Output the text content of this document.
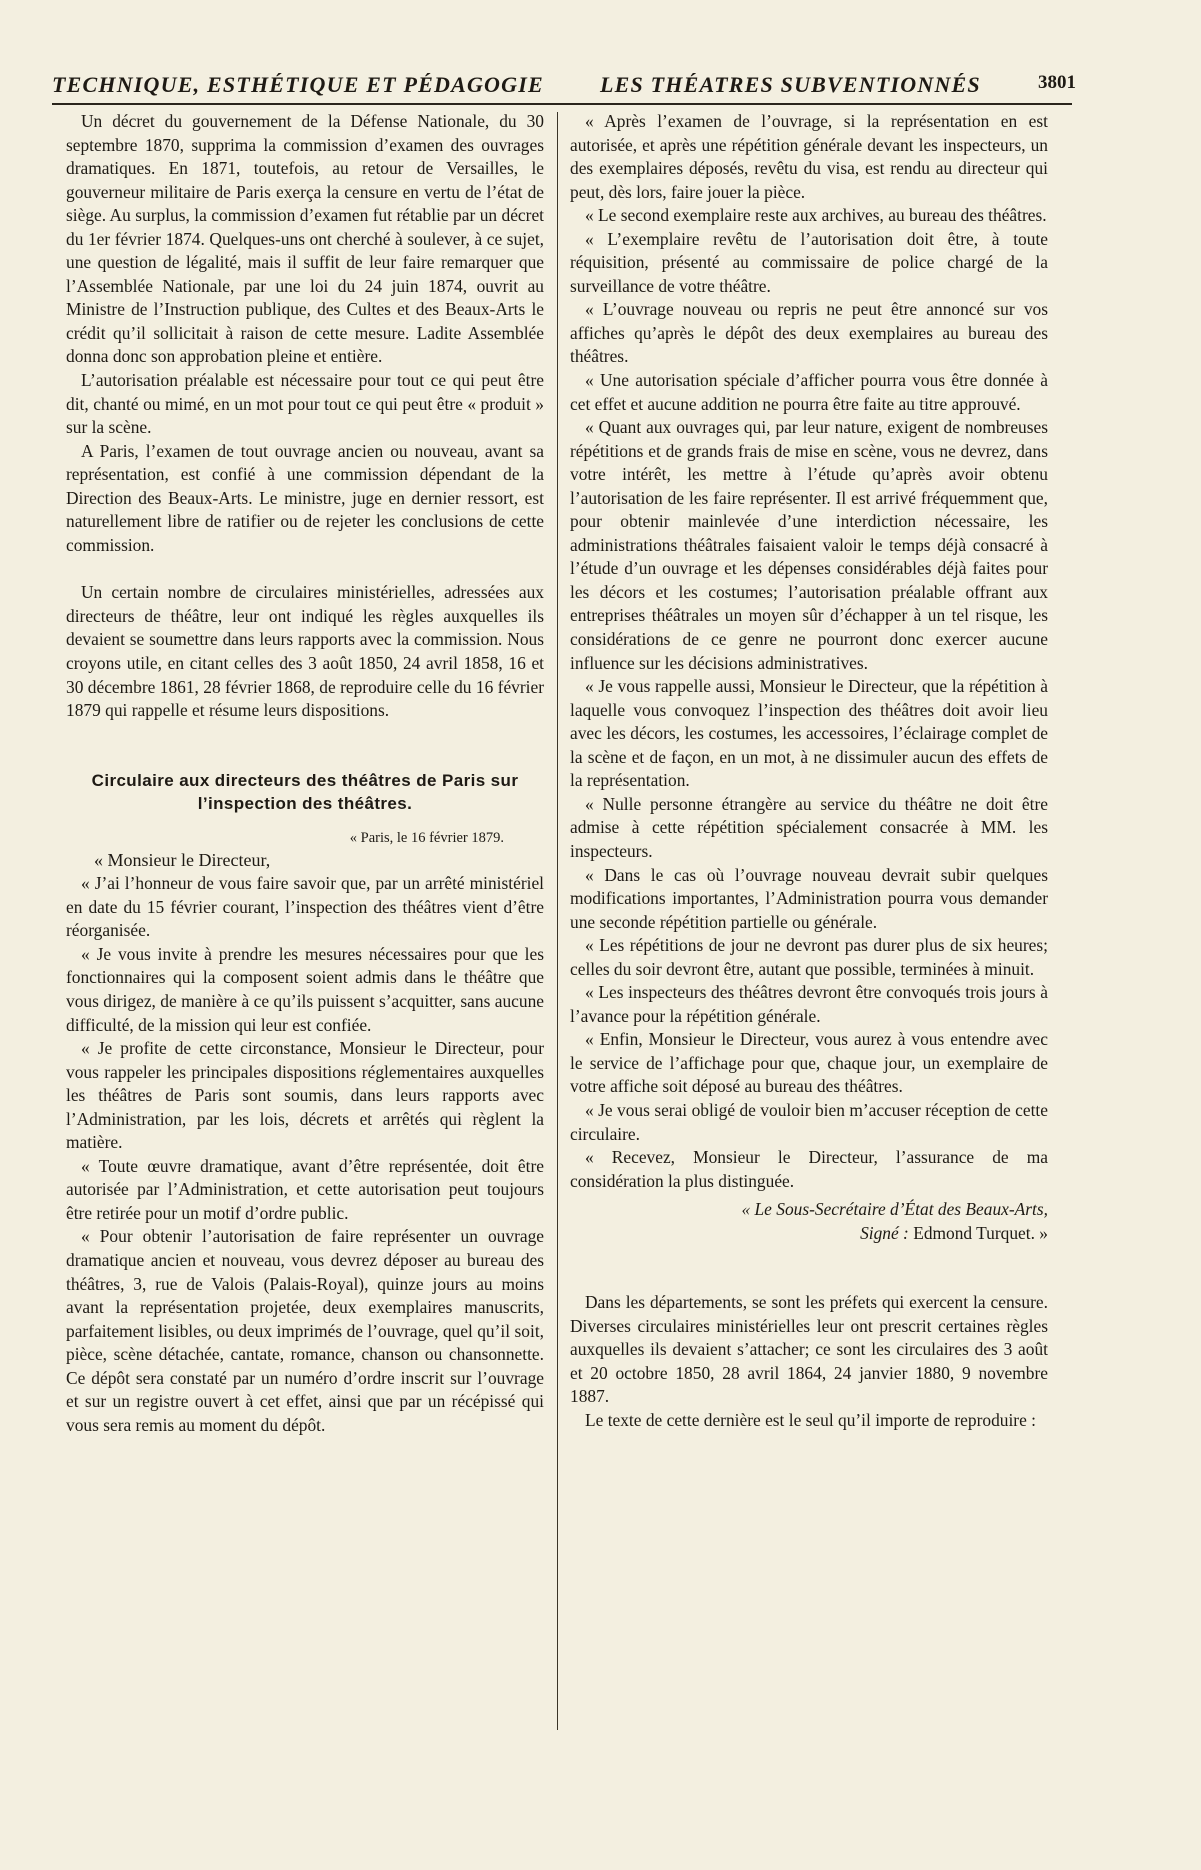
TECHNIQUE, ESTHÉTIQUE ET PÉDAGOGIE	LES THÉATRES SUBVENTIONNÉS	3801

Un décret du gouvernement de la Défense Nationale, du 30 septembre 1870, supprima la commission d’examen des ouvrages dramatiques. En 1871, toutefois, au retour de Versailles, le gouverneur militaire de Paris exerça la censure en vertu de l’état de siège. Au surplus, la commission d’examen fut rétablie par un décret du 1er février 1874. Quelques-uns ont cherché à soulever, à ce sujet, une question de légalité, mais il suffit de leur faire remarquer que l’Assemblée Nationale, par une loi du 24 juin 1874, ouvrit au Ministre de l’Instruction publique, des Cultes et des Beaux-Arts le crédit qu’il sollicitait à raison de cette mesure. Ladite Assemblée donna donc son approbation pleine et entière.

L’autorisation préalable est nécessaire pour tout ce qui peut être dit, chanté ou mimé, en un mot pour tout ce qui peut être « produit » sur la scène.

A Paris, l’examen de tout ouvrage ancien ou nouveau, avant sa représentation, est confié à une commission dépendant de la Direction des Beaux-Arts. Le ministre, juge en dernier ressort, est naturellement libre de ratifier ou de rejeter les conclusions de cette commission.

Un certain nombre de circulaires ministérielles, adressées aux directeurs de théâtre, leur ont indiqué les règles auxquelles ils devaient se soumettre dans leurs rapports avec la commission. Nous croyons utile, en citant celles des 3 août 1850, 24 avril 1858, 16 et 30 décembre 1861, 28 février 1868, de reproduire celle du 16 février 1879 qui rappelle et résume leurs dispositions.

Circulaire aux directeurs des théâtres de Paris sur l’inspection des théâtres.
« Paris, le 16 février 1879.

« Monsieur le Directeur,

« J’ai l’honneur de vous faire savoir que, par un arrêté ministériel en date du 15 février courant, l’inspection des théâtres vient d’être réorganisée.

« Je vous invite à prendre les mesures nécessaires pour que les fonctionnaires qui la composent soient admis dans le théâtre que vous dirigez, de manière à ce qu’ils puissent s’acquitter, sans aucune difficulté, de la mission qui leur est confiée.

« Je profite de cette circonstance, Monsieur le Directeur, pour vous rappeler les principales dispositions réglementaires auxquelles les théâtres de Paris sont soumis, dans leurs rapports avec l’Administration, par les lois, décrets et arrêtés qui règlent la matière.

« Toute œuvre dramatique, avant d’être représentée, doit être autorisée par l’Administration, et cette autorisation peut toujours être retirée pour un motif d’ordre public.

« Pour obtenir l’autorisation de faire représenter un ouvrage dramatique ancien et nouveau, vous devrez déposer au bureau des théâtres, 3, rue de Valois (Palais-Royal), quinze jours au moins avant la représentation projetée, deux exemplaires manuscrits, parfaitement lisibles, ou deux imprimés de l’ouvrage, quel qu’il soit, pièce, scène détachée, cantate, romance, chanson ou chansonnette. Ce dépôt sera constaté par un numéro d’ordre inscrit sur l’ouvrage et sur un registre ouvert à cet effet, ainsi que par un récépissé qui vous sera remis au moment du dépôt.

« Après l’examen de l’ouvrage, si la représentation en est autorisée, et après une répétition générale devant les inspecteurs, un des exemplaires déposés, revêtu du visa, est rendu au directeur qui peut, dès lors, faire jouer la pièce.

« Le second exemplaire reste aux archives, au bureau des théâtres.

« L’exemplaire revêtu de l’autorisation doit être, à toute réquisition, présenté au commissaire de police chargé de la surveillance de votre théâtre.

« L’ouvrage nouveau ou repris ne peut être annoncé sur vos affiches qu’après le dépôt des deux exemplaires au bureau des théâtres.

« Une autorisation spéciale d’afficher pourra vous être donnée à cet effet et aucune addition ne pourra être faite au titre approuvé.

« Quant aux ouvrages qui, par leur nature, exigent de nombreuses répétitions et de grands frais de mise en scène, vous ne devrez, dans votre intérêt, les mettre à l’étude qu’après avoir obtenu l’autorisation de les faire représenter. Il est arrivé fréquemment que, pour obtenir mainlevée d’une interdiction nécessaire, les administrations théâtrales faisaient valoir le temps déjà consacré à l’étude d’un ouvrage et les dépenses considérables déjà faites pour les décors et les costumes; l’autorisation préalable offrant aux entreprises théâtrales un moyen sûr d’échapper à un tel risque, les considérations de ce genre ne pourront donc exercer aucune influence sur les décisions administratives.

« Je vous rappelle aussi, Monsieur le Directeur, que la répétition à laquelle vous convoquez l’inspection des théâtres doit avoir lieu avec les décors, les costumes, les accessoires, l’éclairage complet de la scène et de façon, en un mot, à ne dissimuler aucun des effets de la représentation.

« Nulle personne étrangère au service du théâtre ne doit être admise à cette répétition spécialement consacrée à MM. les inspecteurs.

« Dans le cas où l’ouvrage nouveau devrait subir quelques modifications importantes, l’Administration pourra vous demander une seconde répétition partielle ou générale.

« Les répétitions de jour ne devront pas durer plus de six heures; celles du soir devront être, autant que possible, terminées à minuit.

« Les inspecteurs des théâtres devront être convoqués trois jours à l’avance pour la répétition générale.

« Enfin, Monsieur le Directeur, vous aurez à vous entendre avec le service de l’affichage pour que, chaque jour, un exemplaire de votre affiche soit déposé au bureau des théâtres.

« Je vous serai obligé de vouloir bien m’accuser réception de cette circulaire.

« Recevez, Monsieur le Directeur, l’assurance de ma considération la plus distinguée.

« Le Sous-Secrétaire d’État des Beaux-Arts,
Signé : Edmond Turquet. »

Dans les départements, se sont les préfets qui exercent la censure. Diverses circulaires ministérielles leur ont prescrit certaines règles auxquelles ils devaient s’attacher; ce sont les circulaires des 3 août et 20 octobre 1850, 28 avril 1864, 24 janvier 1880, 9 novembre 1887.

Le texte de cette dernière est le seul qu’il importe de reproduire :
